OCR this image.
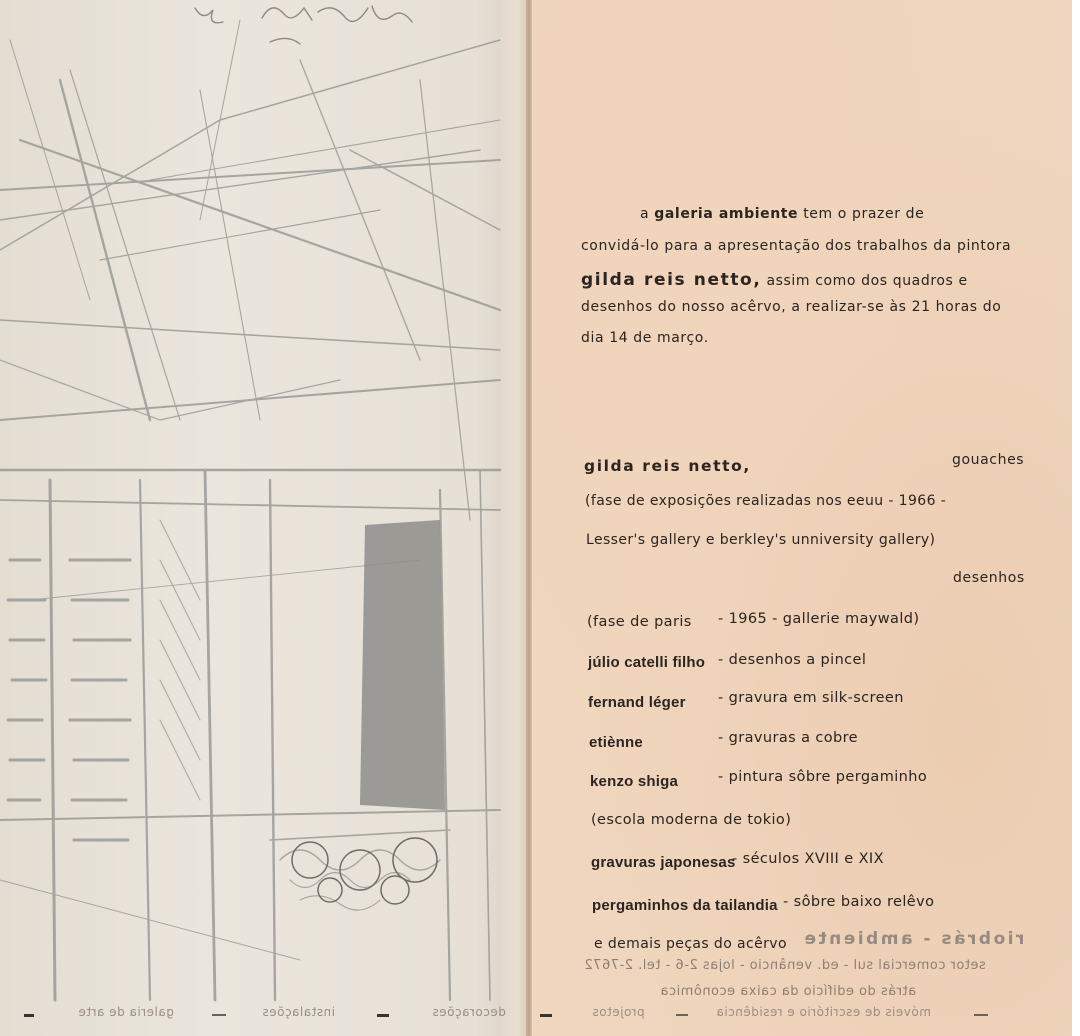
a galeria ambiente tem o prazer de
convidá-lo para a apresentação dos trabalhos da pintora
gilda reis netto, assim como dos quadros e
desenhos do nosso acêrvo, a realizar-se às 21 horas do
dia 14 de março.
gilda reis netto,	gouaches
(fase de exposições realizadas nos eeuu - 1966 -
Lesser's gallery e berkley's unniversity gallery)
desenhos
(fase de paris - 1965 - gallerie maywald)
júlio catelli filho - desenhos a pincel
fernand léger - gravura em silk-screen
etiènne	- gravuras a cobre
kenzo shiga	- pintura sôbre pergaminho
(escola moderna de tokio)
gravuras japonesas
- séculos XVIII e XIX
pergaminhos da tailandia - sôbre baixo relêvo
e demais peças do acêrvo riobrás - ambiente
setor comercial sul - ed. venâncio - lojas 2-6 - tel. 2-7672
atrás do edifício da caixa econômica
galeria de arte	instalações	decorações	projetos	móveis de escritório e residência
